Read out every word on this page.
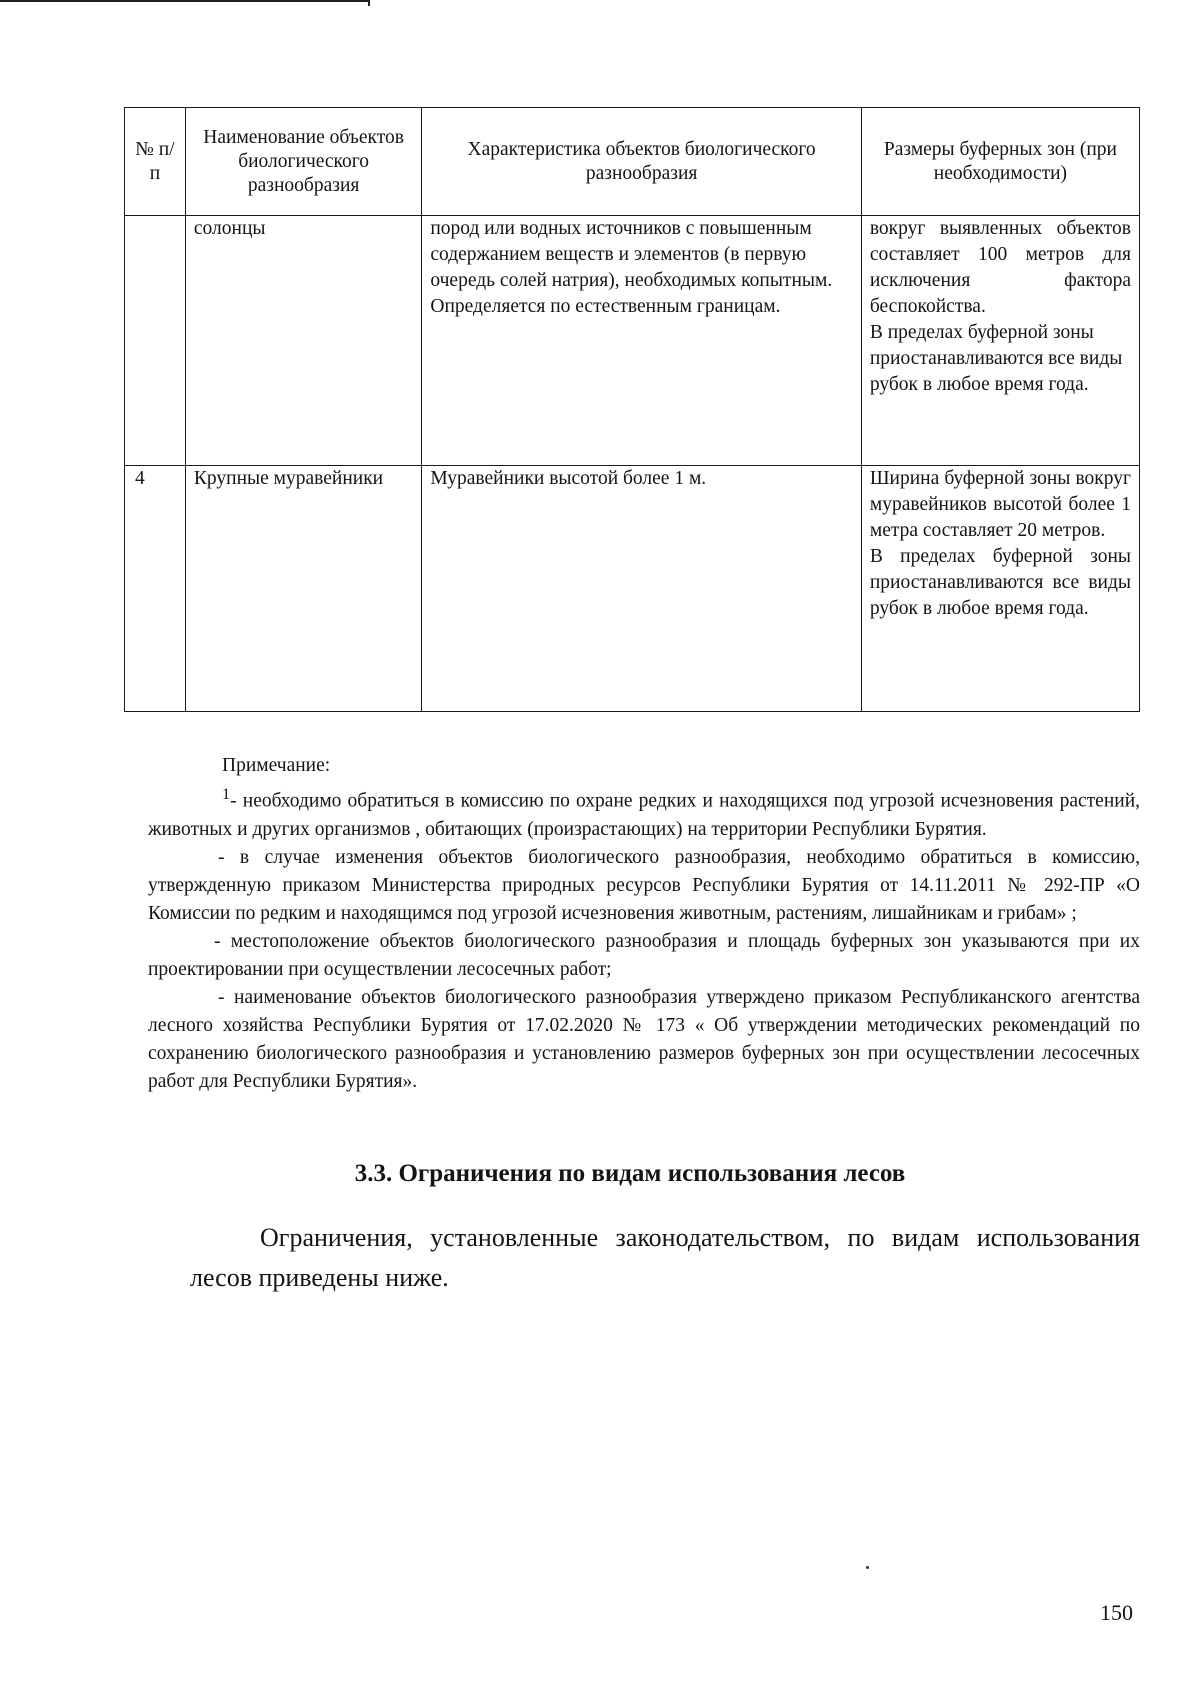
№ п/п	Наименование объектов биологического разнообразия	Характеристика объектов биологического разнообразия	Размеры буферных зон (при необходимости)
	солонцы	пород или водных источников с повышенным содержанием веществ и элементов (в первую очередь солей натрия), необходимых копытным. Определяется по естественным границам.	вокруг выявленных объектов составляет 100 метров для исключения фактора беспокойства.
В пределах буферной зоны приостанавливаются все виды рубок в любое время года.

4	Крупные муравейники	Муравейники высотой более 1 м.	Ширина буферной зоны вокруг муравейников высотой более 1 метра составляет 20 метров.
В пределах буферной зоны приостанавливаются все виды рубок в любое время года.

Примечание:

$^1$- необходимо обратиться в комиссию по охране редких и находящихся под угрозой исчезновения растений, животных и других организмов , обитающих (произрастающих) на территории Республики Бурятия.

- в случае изменения объектов биологического разнообразия, необходимо обратиться в комиссию, утвержденную приказом Министерства природных ресурсов Республики Бурятия от 14.11.2011 № 292-ПР «О Комиссии по редким и находящимся под угрозой исчезновения животным, растениям, лишайникам и грибам» ;

- местоположение объектов биологического разнообразия и площадь буферных зон указываются при их проектировании при осуществлении лесосечных работ;

- наименование объектов биологического разнообразия утверждено приказом Республиканского агентства лесного хозяйства Республики Бурятия от 17.02.2020 № 173 « Об утверждении методических рекомендаций по сохранению биологического разнообразия и установлению размеров буферных зон при осуществлении лесосечных работ для Республики Бурятия».

3.3. Ограничения по видам использования лесов
Ограничения, установленные законодательством, по видам использования лесов приведены ниже.
150
